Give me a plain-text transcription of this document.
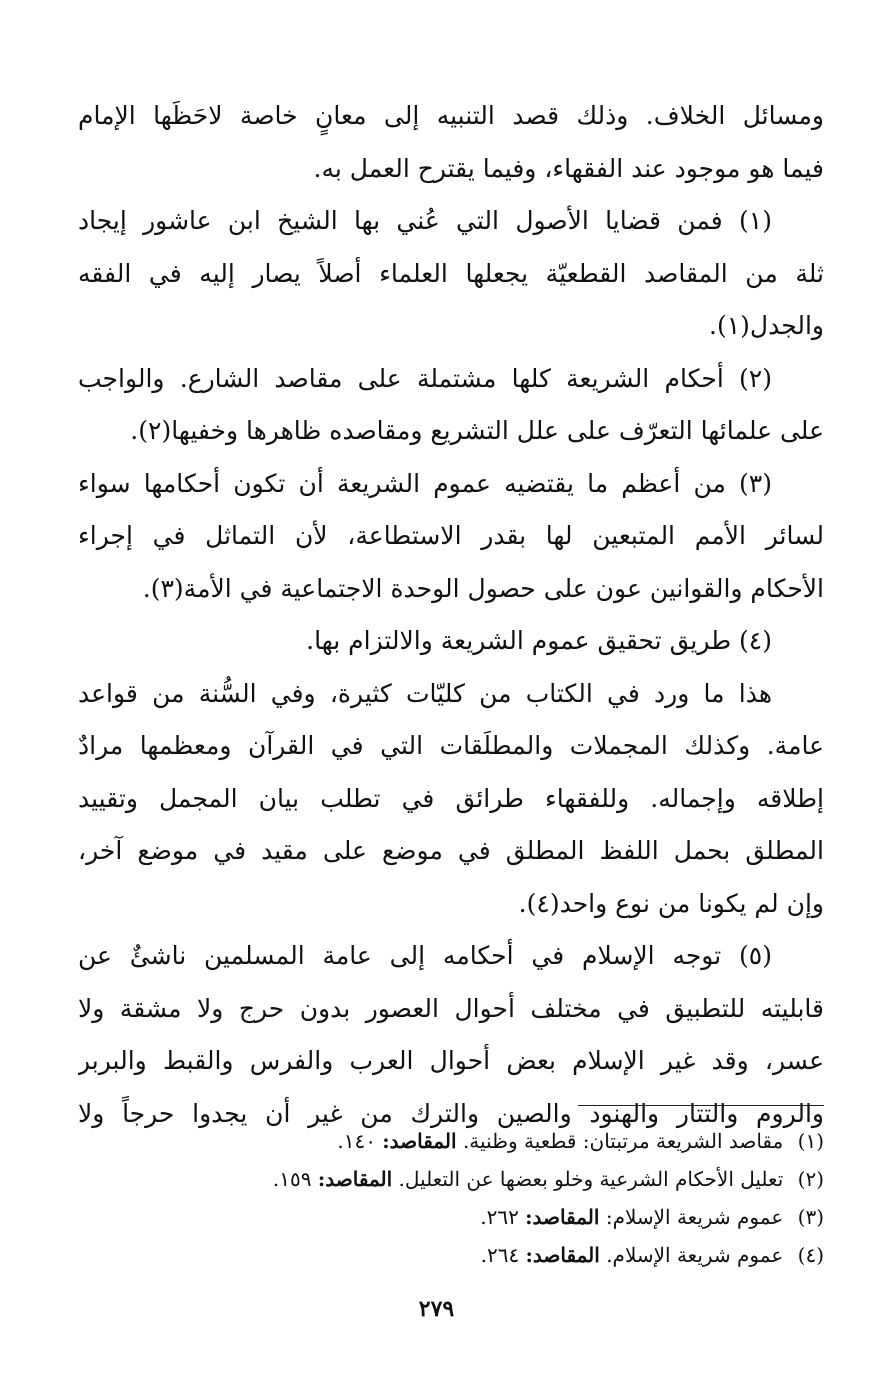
ومسائل الخلاف. وذلك قصد التنبيه إلى معانٍ خاصة لاحَظَها الإمام
فيما هو موجود عند الفقهاء، وفيما يقترح العمل به.
(١) فمن قضايا الأصول التي عُني بها الشيخ ابن عاشور إيجاد
ثلة من المقاصد القطعيّة يجعلها العلماء أصلاً يصار إليه في الفقه
والجدل(١).
(٢) أحكام الشريعة كلها مشتملة على مقاصد الشارع. والواجب
على علمائها التعرّف على علل التشريع ومقاصده ظاهرها وخفيها(٢).
(٣) من أعظم ما يقتضيه عموم الشريعة أن تكون أحكامها سواء
لسائر الأمم المتبعين لها بقدر الاستطاعة، لأن التماثل في إجراء
الأحكام والقوانين عون على حصول الوحدة الاجتماعية في الأمة(٣).
(٤) طريق تحقيق عموم الشريعة والالتزام بها.
هذا ما ورد في الكتاب من كليّات كثيرة، وفي السُّنة من قواعد
عامة. وكذلك المجملات والمطلَقات التي في القرآن ومعظمها مرادٌ
إطلاقه وإجماله. وللفقهاء طرائق في تطلب بيان المجمل وتقييد
المطلق بحمل اللفظ المطلق في موضع على مقيد في موضع آخر،
وإن لم يكونا من نوع واحد(٤).
(٥) توجه الإسلام في أحكامه إلى عامة المسلمين ناشئٌ عن
قابليته للتطبيق في مختلف أحوال العصور بدون حرج ولا مشقة ولا
عسر، وقد غير الإسلام بعض أحوال العرب والفرس والقبط والبربر
والروم والتتار والهنود والصين والترك من غير أن يجدوا حرجاً ولا
(١) مقاصد الشريعة مرتبتان: قطعية وظنية. المقاصد: ١٤٠.
(٢) تعليل الأحكام الشرعية وخلو بعضها عن التعليل. المقاصد: ١٥٩.
(٣) عموم شريعة الإسلام: المقاصد: ٢٦٢.
(٤) عموم شريعة الإسلام. المقاصد: ٢٦٤.
٢٧٩
